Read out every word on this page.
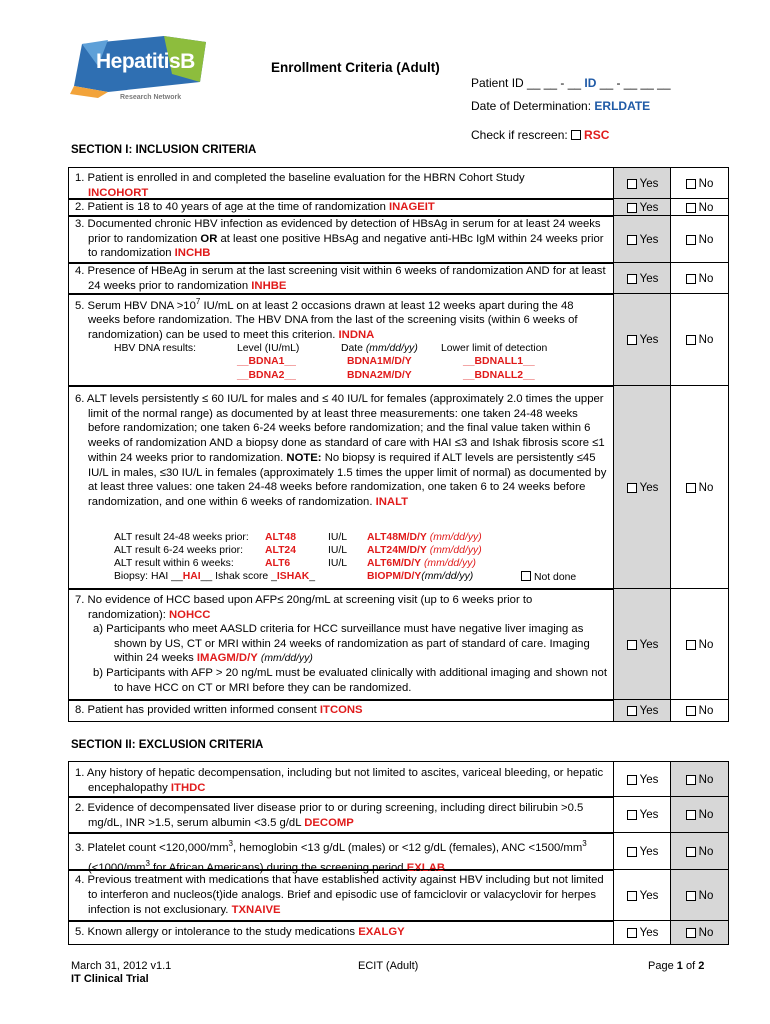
HepatitisB
Research Network
Enrollment Criteria (Adult)
Patient ID __ __ - __ ID __ - __ __ __
Date of Determination: ERLDATE
Check if rescreen: RSC
SECTION I: INCLUSION CRITERIA
1. Patient is enrolled in and completed the baseline evaluation for the HBRN Cohort Study
INCOHORT
Yes	No
2. Patient is 18 to 40 years of age at the time of randomization INAGEIT	Yes	No
3. Documented chronic HBV infection as evidenced by detection of HBsAg in serum for at least 24 weeks prior to randomization OR at least one positive HBsAg and negative anti-HBc IgM within 24 weeks prior to randomization INCHB
Yes	No
4. Presence of HBeAg in serum at the last screening visit within 6 weeks of randomization AND for at least 24 weeks prior to randomization INHBE
Yes	No
5. Serum HBV DNA $>10^7$ IU/mL on at least 2 occasions drawn at least 12 weeks apart during the 48 weeks before randomization. The HBV DNA from the last of the screening visits (within 6 weeks of randomization) can be used to meet this criterion. INDNA
HBV DNA results:	Level (IU/mL)	Date (mm/dd/yy) Lower limit of detection
__BDNA1__	BDNA1M/D/Y	__BDNALL1__
__BDNA2__	BDNA2M/D/Y	__BDNALL2__
Yes	No
6. ALT levels persistently ≤ 60 IU/L for males and ≤ 40 IU/L for females (approximately 2.0 times the upper limit of the normal range) as documented by at least three measurements: one taken 24-48 weeks before randomization; one taken 6-24 weeks before randomization; and the final value taken within 6 weeks of randomization AND a biopsy done as standard of care with HAI ≤3 and Ishak fibrosis score ≤1 within 24 weeks prior to randomization. NOTE: No biopsy is required if ALT levels are persistently ≤45 IU/L in males, ≤30 IU/L in females (approximately 1.5 times the upper limit of normal) as documented by at least three values: one taken 24-48 weeks before randomization, one taken 6 to 24 weeks before randomization, and one within 6 weeks of randomization. INALT
ALT result 24-48 weeks prior: ALT48	IU/L ALT48M/D/Y (mm/dd/yy)
ALT result 6-24 weeks prior: ALT24	IU/L ALT24M/D/Y (mm/dd/yy)
ALT result within 6 weeks:	ALT6	IU/L ALT6M/D/Y (mm/dd/yy)
Biopsy: HAI __HAI__ Ishak score _ISHAK_	BIOPM/D/Y(mm/dd/yy)	Not done
Yes	No
7. No evidence of HCC based upon AFP≤ 20ng/mL at screening visit (up to 6 weeks prior to randomization): NOHCC
a) Participants who meet AASLD criteria for HCC surveillance must have negative liver imaging as shown by US, CT or MRI within 24 weeks of randomization as part of standard of care. Imaging within 24 weeks IMAGM/D/Y (mm/dd/yy)
b) Participants with AFP > 20 ng/mL must be evaluated clinically with additional imaging and shown not to have HCC on CT or MRI before they can be randomized.
Yes	No
8. Patient has provided written informed consent ITCONS	Yes	No
SECTION II: EXCLUSION CRITERIA
1. Any history of hepatic decompensation, including but not limited to ascites, variceal bleeding, or hepatic encephalopathy ITHDC
Yes	No
2. Evidence of decompensated liver disease prior to or during screening, including direct bilirubin >0.5 mg/dL, INR >1.5, serum albumin <3.5 g/dL DECOMP
Yes	No
3. Platelet count $<120,000/mm^3$, hemoglobin <13 g/dL (males) or <12 g/dL (females), ANC $<1500/mm^3$ ($<1000/mm^3$ for African Americans) during the screening period EXLAB
Yes	No
4. Previous treatment with medications that have established activity against HBV including but not limited to interferon and nucleos(t)ide analogs. Brief and episodic use of famciclovir or valacyclovir for herpes infection is not exclusionary. TXNAIVE
Yes	No
5. Known allergy or intolerance to the study medications EXALGY	Yes	No
March 31, 2012 v1.1
IT Clinical Trial
ECIT (Adult)	Page 1 of 2
